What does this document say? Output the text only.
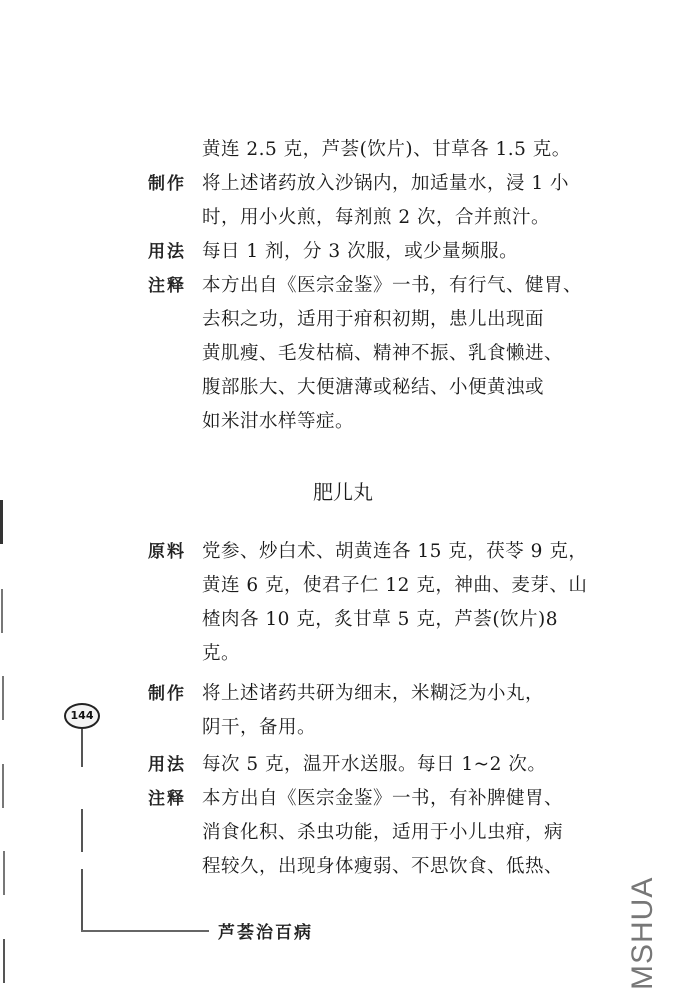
黄连 2.5 克，芦荟(饮片)、甘草各 1.5 克。
制作 将上述诸药放入沙锅内，加适量水，浸 1 小
时，用小火煎，每剂煎 2 次，合并煎汁。
用法 每日 1 剂，分 3 次服，或少量频服。
注释 本方出自《医宗金鉴》一书，有行气、健胃、
去积之功，适用于疳积初期，患儿出现面
黄肌瘦、毛发枯槁、精神不振、乳食懒进、
腹部胀大、大便溏薄或秘结、小便黄浊或
如米泔水样等症。
肥儿丸
原料 党参、炒白术、胡黄连各 15 克，茯苓 9 克，
黄连 6 克，使君子仁 12 克，神曲、麦芽、山
楂肉各 10 克，炙甘草 5 克，芦荟(饮片)8
克。
制作 将上述诸药共研为细末，米糊泛为小丸，
阴干，备用。
用法 每次 5 克，温开水送服。每日 1~2 次。
注释 本方出自《医宗金鉴》一书，有补脾健胃、
消食化积、杀虫功能，适用于小儿虫疳，病
程较久，出现身体瘦弱、不思饮食、低热、
144
芦荟治百病	MSHUA
